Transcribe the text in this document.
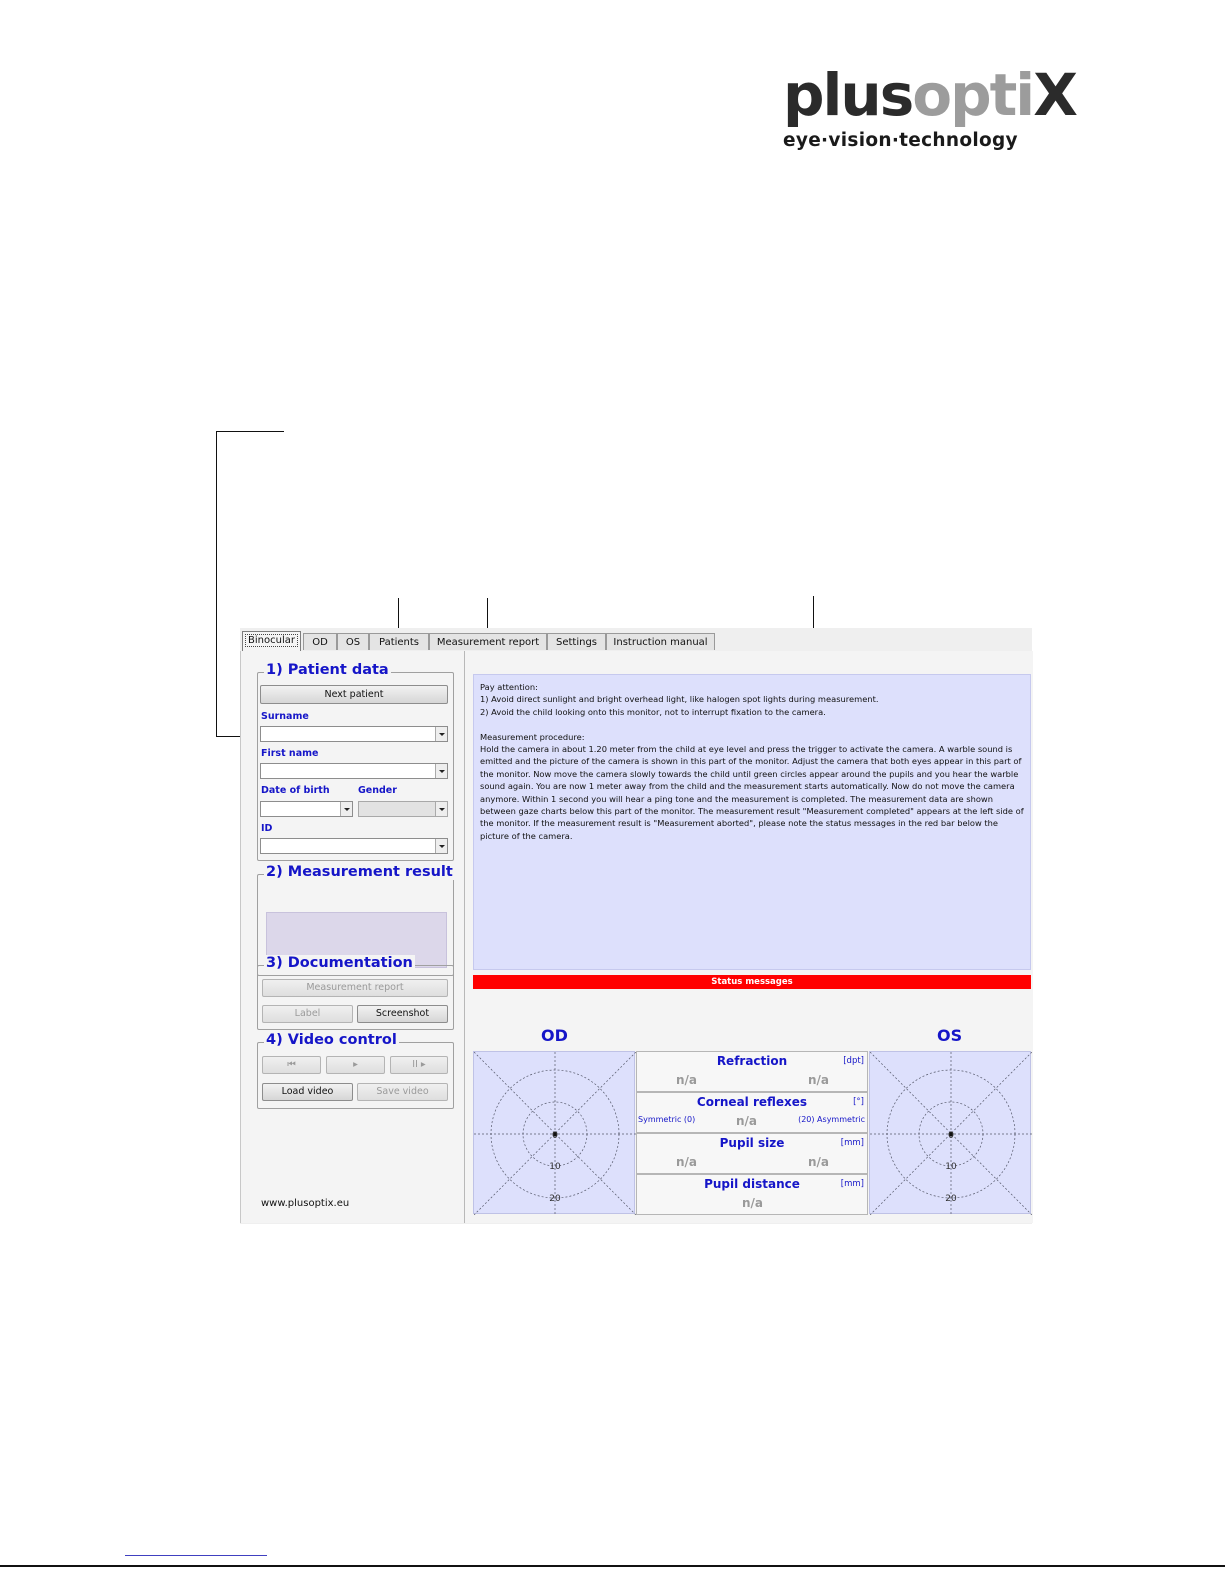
plusoptiX
eye·vision·technology
Binocular	OD	OS	Patients	Measurement report	Settings	Instruction manual
1) Patient data
Next patient
Surname
First name
Date of birth	Gender
ID
2) Measurement result
3) Documentation
Measurement report
Label	Screenshot
4) Video control
⏮	▸	II ▸
Load video	Save video
www.plusoptix.eu
Pay attention:
1) Avoid direct sunlight and bright overhead light, like halogen spot lights during measurement.

2) Avoid the child looking onto this monitor, not to interrupt fixation to the camera.

Measurement procedure:
Hold the camera in about 1.20 meter from the child at eye level and press the trigger to activate the camera. A warble sound is emitted and the picture of the camera is shown in this part of the monitor. Adjust the camera that both eyes appear in this part of the monitor. Now move the camera slowly towards the child until green circles appear around the pupils and you hear the warble sound again. You are now 1 meter away from the child and the measurement starts automatically. Now do not move the camera anymore. Within 1 second you will hear a ping tone and the measurement is completed. The measurement data are shown between gaze charts below this part of the monitor. The measurement result "Measurement completed" appears at the left side of the monitor. If the measurement result is "Measurement aborted", please note the status messages in the red bar below the picture of the camera.
Status messages
OD	OS
0
10
20
0
10
20
Refraction	[dpt]
n/a	n/a
Corneal reflexes	[°]
Symmetric (0)	n/a	(20) Asymmetric
Pupil size	[mm]
n/a	n/a
Pupil distance	[mm]
n/a
